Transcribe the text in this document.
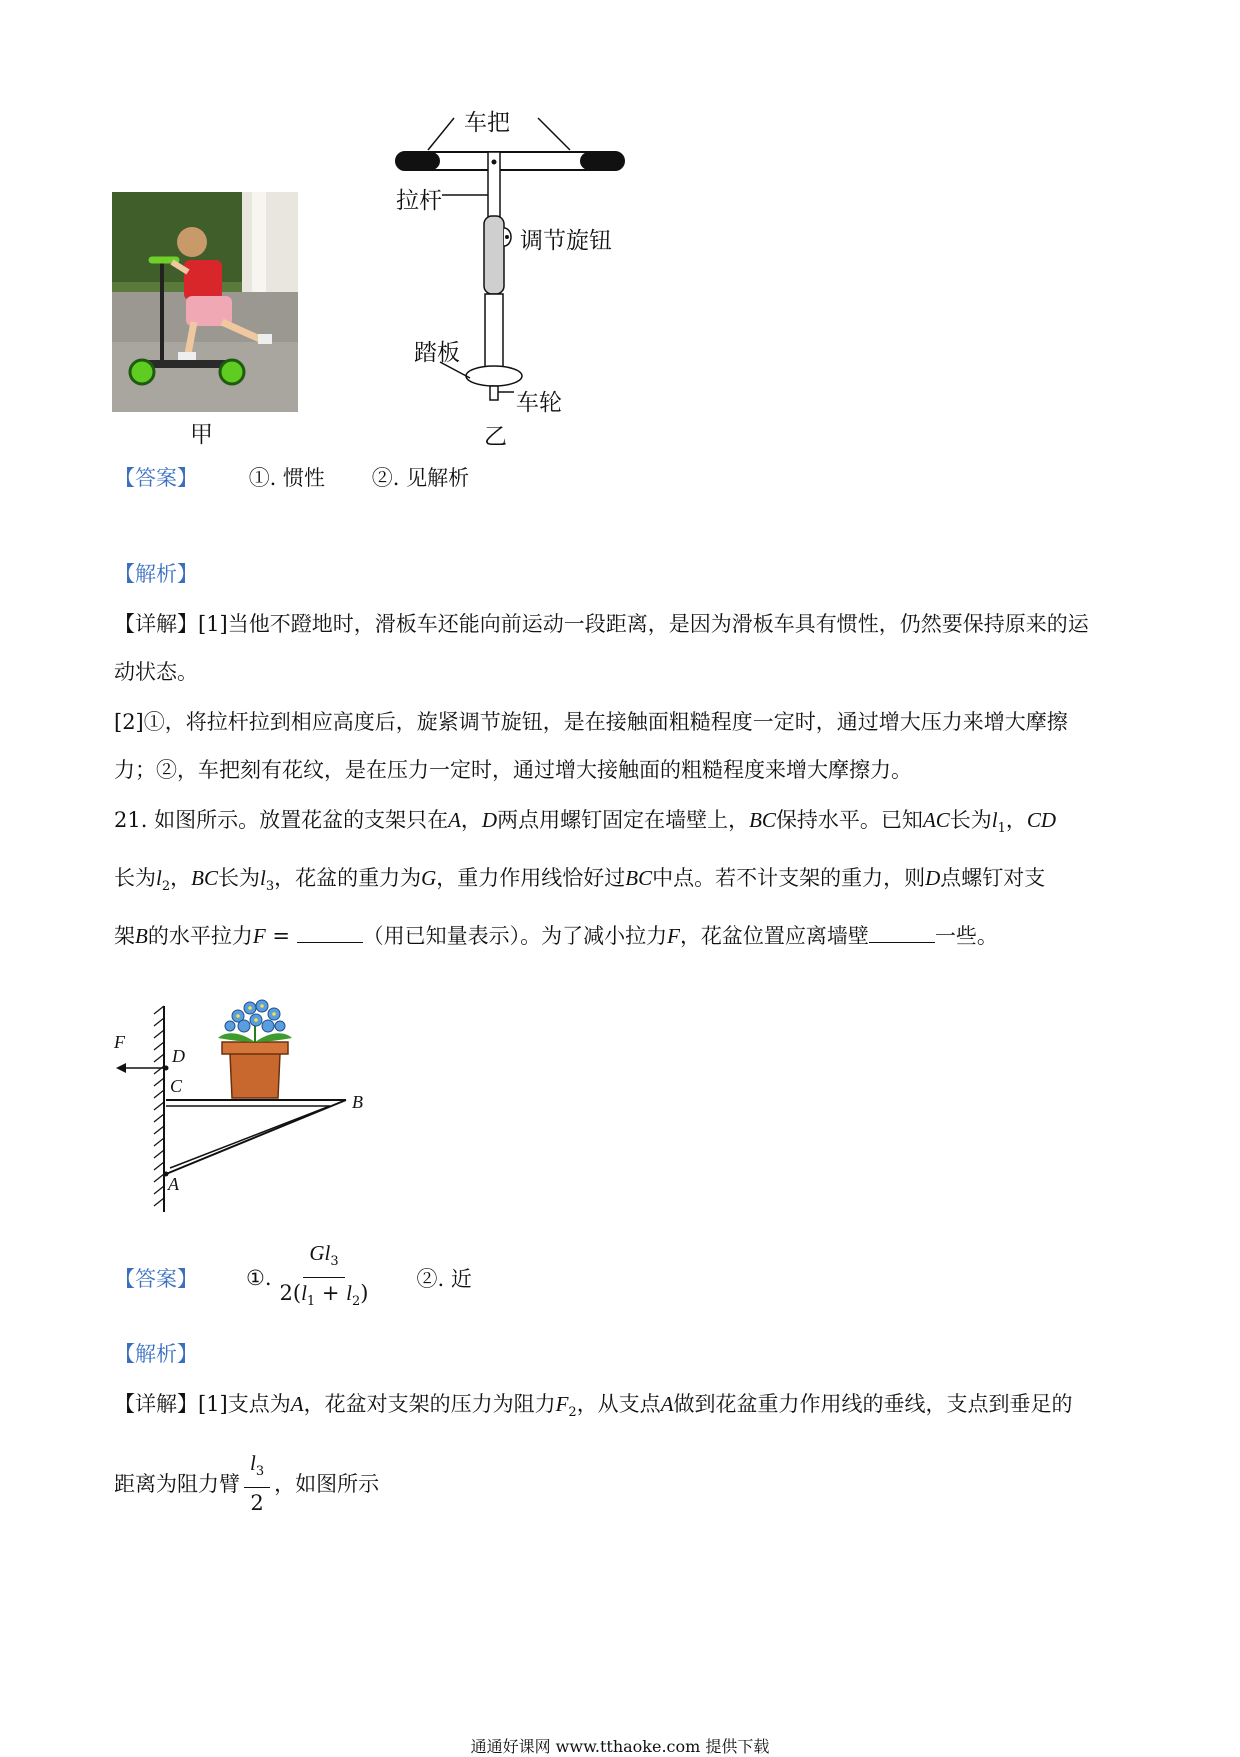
甲
车把
拉杆
调节旋钮
踏板
车轮
乙
【答案】 ①. 惯性 ②. 见解析
【解析】
【详解】[1]当他不蹬地时，滑板车还能向前运动一段距离，是因为滑板车具有惯性，仍然要保持原来的运
动状态。
[2]①，将拉杆拉到相应高度后，旋紧调节旋钮，是在接触面粗糙程度一定时，通过增大压力来增大摩擦
力；②，车把刻有花纹，是在压力一定时，通过增大接触面的粗糙程度来增大摩擦力。
21. 如图所示。放置花盆的支架只在A，D两点用螺钉固定在墙壁上，BC保持水平。已知AC长为$l_1$，CD
长为$l_2$，BC长为$l_3$，花盆的重力为G，重力作用线恰好过BC中点。若不计支架的重力，则D点螺钉对支
架B的水平拉力F =	（用已知量表示）。为了减小拉力F，花盆位置应离墙壁	一些。
F
D
C
B
A
【答案】 ①. $\frac{Gl_3}{2(l_1 + l_2)}$ ②. 近
【解析】
【详解】[1]支点为A，花盆对支架的压力为阻力$F_2$，从支点A做到花盆重力作用线的垂线，支点到垂足的
距离为阻力臂 $\frac{l_3}{2}$ ，如图所示
通通好课网 www.tthaoke.com 提供下载
